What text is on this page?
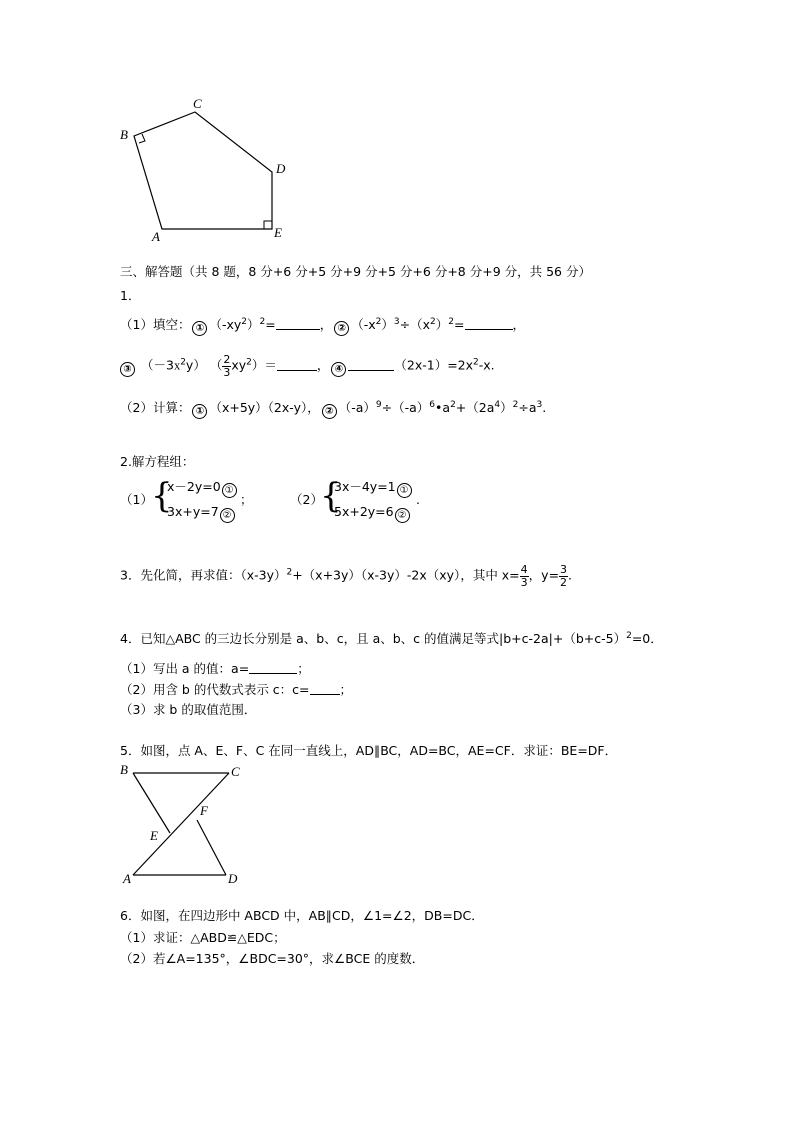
C
B
D
A	E
三、解答题（共 8 题，8 分+6 分+5 分+9 分+5 分+6 分+8 分+9 分，共 56 分）
1．
（1）填空： ① $(-xy^2)^2=$	， ② $(-x^2)^3\div(x^2)^2=$	，
③ $(-3x^2y)$ （ $\frac{2}{3} xy^2)=$	， ④	$(2x-1)=2x^2-x$.
（2）计算： ① （x+5y）（2x-y）， ② $(-a)^9\div(-a)^6•a^2+(2a^4)^2\div a^3$.
2.解方程组：
（1）
{
x－2y=0 ①
3x+y=7 ②
；	（2）
{
3x－4y=1 ①
5x+2y=6 ②
.
3．先化简，再求值：$(x-3y)^2+(x+3y)(x-3y)-2x(xy)$，其中 $x= \frac{4}{3}$ ，$y= \frac{3}{2}$ .
4．已知△ABC 的三边长分别是 a、b、c，且 a、b、c 的值满足等式$|b+c-2a|+(b+c-5)^2=0$．
（1）写出 a 的值：a=	；
（2）用含 b 的代数式表示 c：c= ；
（3）求 b 的取值范围．
5．如图，点 A、E、F、C 在同一直线上，AD∥BC，AD=BC，AE=CF．求证：BE=DF．
B	C
F
E
A	D
6．如图，在四边形中 ABCD 中，AB∥CD，∠1=∠2，DB=DC．
（1）求证：△ABD≌△EDC；
（2）若∠A=135°，∠BDC=30°，求∠BCE 的度数．
